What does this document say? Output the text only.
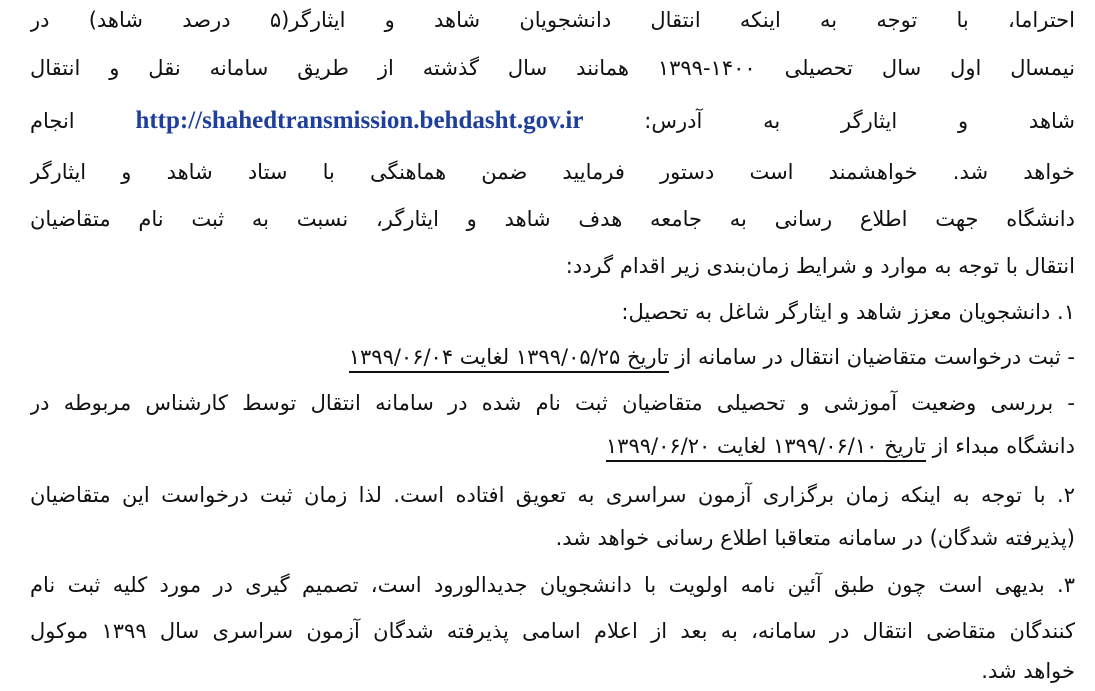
احتراما، با توجه به اینکه انتقال دانشجویان شاهد و ایثارگر(۵ درصد شاهد) در
نیمسال اول سال تحصیلی ۱۴۰۰-۱۳۹۹ همانند سال گذشته از طریق سامانه نقل و انتقال
شاهد و ایثارگر به آدرس: http://shahedtransmission.behdasht.gov.ir انجام
خواهد شد. خواهشمند است دستور فرمایید ضمن هماهنگی با ستاد شاهد و ایثارگر
دانشگاه جهت اطلاع رسانی به جامعه هدف شاهد و ایثارگر، نسبت به ثبت نام متقاضیان
انتقال با توجه به موارد و شرایط زمان‌بندی زیر اقدام گردد:
۱. دانشجویان معزز شاهد و ایثارگر شاغل به تحصیل:
- ثبت درخواست متقاضیان انتقال در سامانه از تاریخ ۱۳۹۹/۰۵/۲۵ لغایت ۱۳۹۹/۰۶/۰۴
- بررسی وضعیت آموزشی و تحصیلی متقاضیان ثبت نام شده در سامانه انتقال توسط کارشناس مربوطه در
دانشگاه مبداء از تاریخ ۱۳۹۹/۰۶/۱۰ لغایت ۱۳۹۹/۰۶/۲۰
۲. با توجه به اینکه زمان برگزاری آزمون سراسری به تعویق افتاده است. لذا زمان ثبت درخواست این متقاضیان
(پذیرفته شدگان) در سامانه متعاقبا اطلاع رسانی خواهد شد.
۳. بدیهی است چون طبق آئین نامه اولویت با دانشجویان جدیدالورود است، تصمیم گیری در مورد کلیه ثبت نام
کنندگان متقاضی انتقال در سامانه، به بعد از اعلام اسامی پذیرفته شدگان آزمون سراسری سال ۱۳۹۹ موکول
خواهد شد.
